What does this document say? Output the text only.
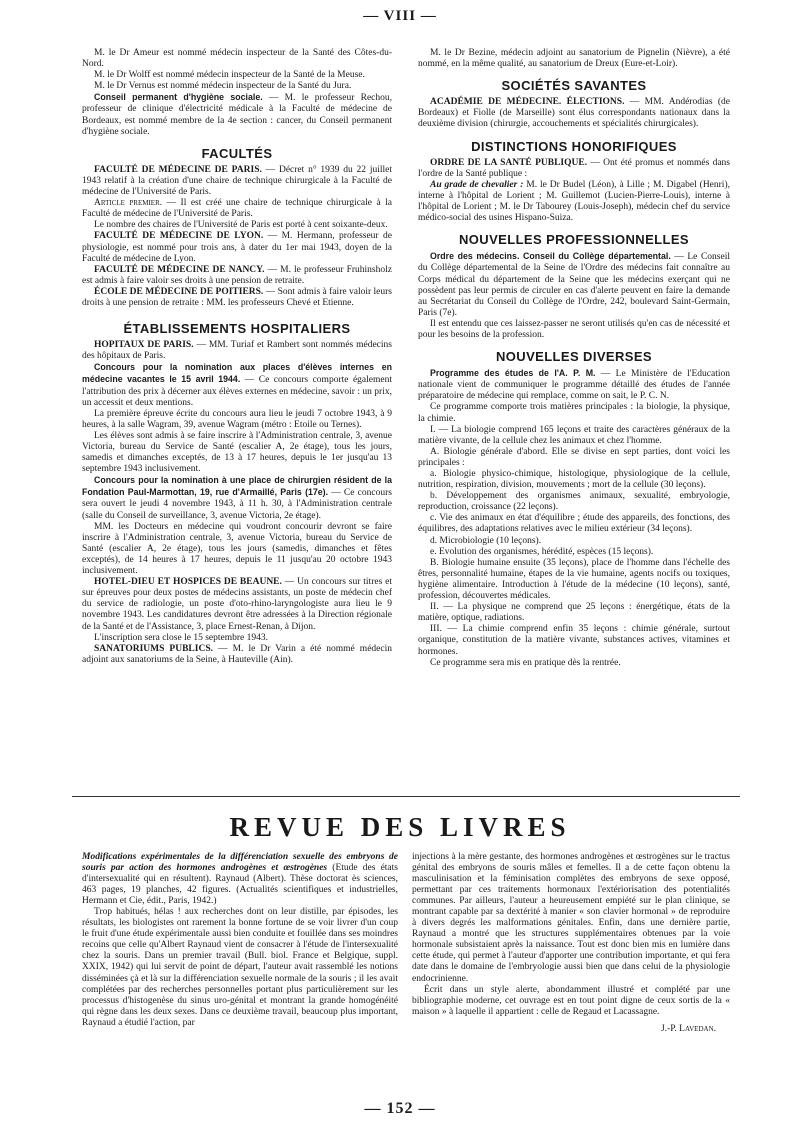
— VIII —

M. le Dr Ameur est nommé médecin inspecteur de la Santé des Côtes-du-Nord.

M. le Dr Wolff est nommé médecin inspecteur de la Santé de la Meuse.

M. le Dr Vernus est nommé médecin inspecteur de la Santé du Jura.

Conseil permanent d'hygiène sociale. — M. le professeur Rechou, professeur de clinique d'électricité médicale à la Faculté de médecine de Bordeaux, est nommé membre de la 4e section : cancer, du Conseil permanent d'hygiène sociale.

FACULTÉS

FACULTÉ DE MÉDECINE DE PARIS. — Décret n° 1939 du 22 juillet 1943 relatif à la création d'une chaire de technique chirurgicale à la Faculté de médecine de l'Université de Paris.

Article premier. — Il est créé une chaire de technique chirurgicale à la Faculté de médecine de l'Université de Paris.

Le nombre des chaires de l'Université de Paris est porté à cent soixante-deux.

FACULTÉ DE MÉDECINE DE LYON. — M. Hermann, professeur de physiologie, est nommé pour trois ans, à dater du 1er mai 1943, doyen de la Faculté de médecine de Lyon.

FACULTÉ DE MÉDECINE DE NANCY. — M. le professeur Fruhinsholz est admis à faire valoir ses droits à une pension de retraite.

ÉCOLE DE MÉDECINE DE POITIERS. — Sont admis à faire valoir leurs droits à une pension de retraite : MM. les professeurs Chevé et Etienne.

ÉTABLISSEMENTS HOSPITALIERS

HOPITAUX DE PARIS. — MM. Turiaf et Rambert sont nommés médecins des hôpitaux de Paris.

Concours pour la nomination aux places d'élèves internes en médecine vacantes le 15 avril 1944. — Ce concours comporte également l'attribution des prix à décerner aux élèves externes en médecine, savoir : un prix, un accessit et deux mentions.

La première épreuve écrite du concours aura lieu le jeudi 7 octobre 1943, à 9 heures, à la salle Wagram, 39, avenue Wagram (métro : Etoile ou Ternes).

Les élèves sont admis à se faire inscrire à l'Administration centrale, 3, avenue Victoria, bureau du Service de Santé (escalier A, 2e étage), tous les jours, samedis et dimanches exceptés, de 13 à 17 heures, depuis le 1er jusqu'au 13 septembre 1943 inclusivement.

Concours pour la nomination à une place de chirurgien résident de la Fondation Paul-Marmottan, 19, rue d'Armaillé, Paris (17e). — Ce concours sera ouvert le jeudi 4 novembre 1943, à 11 h. 30, à l'Administration centrale (salle du Conseil de surveillance, 3, avenue Victoria, 2e étage).

MM. les Docteurs en médecine qui voudront concourir devront se faire inscrire à l'Administration centrale, 3, avenue Victoria, bureau du Service de Santé (escalier A, 2e étage), tous les jours (samedis, dimanches et fêtes exceptés), de 14 heures à 17 heures, depuis le 11 jusqu'au 20 octobre 1943 inclusivement.

HOTEL-DIEU ET HOSPICES DE BEAUNE. — Un concours sur titres et sur épreuves pour deux postes de médecins assistants, un poste de médecin chef du service de radiologie, un poste d'oto-rhino-laryngologiste aura lieu le 9 novembre 1943. Les candidatures devront être adressées à la Direction régionale de la Santé et de l'Assistance, 3, place Ernest-Renan, à Dijon.

L'inscription sera close le 15 septembre 1943.

SANATORIUMS PUBLICS. — M. le Dr Varin a été nommé médecin adjoint aux sanatoriums de la Seine, à Hauteville (Ain).

M. le Dr Bezine, médecin adjoint au sanatorium de Pignelin (Nièvre), a été nommé, en la même qualité, au sanatorium de Dreux (Eure-et-Loir).

SOCIÉTÉS SAVANTES

ACADÉMIE DE MÉDECINE. ÉLECTIONS. — MM. Andérodias (de Bordeaux) et Fiolle (de Marseille) sont élus correspondants nationaux dans la deuxième division (chirurgie, accouchements et spécialités chirurgicales).

DISTINCTIONS HONORIFIQUES

ORDRE DE LA SANTÉ PUBLIQUE. — Ont été promus et nommés dans l'ordre de la Santé publique :

Au grade de chevalier : M. le Dr Budel (Léon), à Lille ; M. Digabel (Henri), interne à l'hôpital de Lorient ; M. Guillemot (Lucien-Pierre-Louis), interne à l'hôpital de Lorient ; M. le Dr Tabourey (Louis-Joseph), médecin chef du service médico-social des usines Hispano-Suiza.

NOUVELLES PROFESSIONNELLES

Ordre des médecins. Conseil du Collège départemental. — Le Conseil du Collège départemental de la Seine de l'Ordre des médecins fait connaître au Corps médical du département de la Seine que les médecins exerçant qui ne possèdent pas leur permis de circuler en cas d'alerte peuvent en faire la demande au Secrétariat du Conseil du Collège de l'Ordre, 242, boulevard Saint-Germain, Paris (7e).

Il est entendu que ces laissez-passer ne seront utilisés qu'en cas de nécessité et pour les besoins de la profession.

NOUVELLES DIVERSES

Programme des études de l'A. P. M. — Le Ministère de l'Education nationale vient de communiquer le programme détaillé des études de l'année préparatoire de médecine qui remplace, comme on sait, le P. C. N.

Ce programme comporte trois matières principales : la biologie, la physique, la chimie.

I. — La biologie comprend 165 leçons et traite des caractères généraux de la matière vivante, de la cellule chez les animaux et chez l'homme.

A. Biologie générale d'abord. Elle se divise en sept parties, dont voici les principales :

a. Biologie physico-chimique, histologique, physiologique de la cellule, nutrition, respiration, division, mouvements ; mort de la cellule (30 leçons).

b. Développement des organismes animaux, sexualité, embryologie, reproduction, croissance (22 leçons).

c. Vie des animaux en état d'équilibre ; étude des appareils, des fonctions, des équilibres, des adaptations relatives avec le milieu extérieur (34 leçons).

d. Microbiologie (10 leçons).

e. Evolution des organismes, hérédité, espèces (15 leçons).

B. Biologie humaine ensuite (35 leçons), place de l'homme dans l'échelle des êtres, personnalité humaine, étapes de la vie humaine, agents nocifs ou toxiques, hygiène alimentaire. Introduction à l'étude de la médecine (10 leçons), santé, profession, découvertes médicales.

II. — La physique ne comprend que 25 leçons : énergétique, états de la matière, optique, radiations.

III. — La chimie comprend enfin 35 leçons : chimie générale, surtout organique, constitution de la matière vivante, substances actives, vitamines et hormones.

Ce programme sera mis en pratique dès la rentrée.

REVUE DES LIVRES

Modifications expérimentales de la différenciation sexuelle des embryons de souris par action des hormones androgènes et œstrogènes (Etude des états d'intersexualité qui en résultent). Raynaud (Albert). Thèse doctorat ès sciences, 463 pages, 19 planches, 42 figures. (Actualités scientifiques et industrielles, Hermann et Cie, édit., Paris, 1942.)

Trop habitués, hélas ! aux recherches dont on leur distille, par épisodes, les résultats, les biologistes ont rarement la bonne fortune de se voir livrer d'un coup le fruit d'une étude expérimentale aussi bien conduite et fouillée dans ses moindres recoins que celle qu'Albert Raynaud vient de consacrer à l'étude de l'intersexualité chez la souris. Dans un premier travail (Bull. biol. France et Belgique, suppl. XXIX, 1942) qui lui servit de point de départ, l'auteur avait rassemblé les notions disséminées çà et là sur la différenciation sexuelle normale de la souris ; il les avait complétées par des recherches personnelles portant plus particulièrement sur les processus d'histogenèse du sinus uro-génital et montrant la grande homogénéité qui règne dans les deux sexes. Dans ce deuxième travail, beaucoup plus important, Raynaud a étudié l'action, par

injections à la mère gestante, des hormones androgènes et œstrogènes sur le tractus génital des embryons de souris mâles et femelles. Il a de cette façon obtenu la masculinisation et la féminisation complètes des embryons de sexe opposé, permettant par ces traitements hormonaux l'extériorisation des potentialités communes. Par ailleurs, l'auteur a heureusement empiété sur le plan clinique, se montrant capable par sa dextérité à manier « son clavier hormonal » de reproduire à divers degrés les malformations génitales. Enfin, dans une dernière partie, Raynaud a montré que les structures supplémentaires obtenues par la voie hormonale subsistaient après la naissance. Tout est donc bien mis en lumière dans cette étude, qui permet à l'auteur d'apporter une contribution importante, et qui fera date dans le domaine de l'embryologie aussi bien que dans celui de la physiologie endocrinienne.

Écrit dans un style alerte, abondamment illustré et complété par une bibliographie moderne, cet ouvrage est en tout point digne de ceux sortis de la « maison » à laquelle il appartient : celle de Regaud et Lacassagne.

J.-P. Lavedan.
— 152 —
